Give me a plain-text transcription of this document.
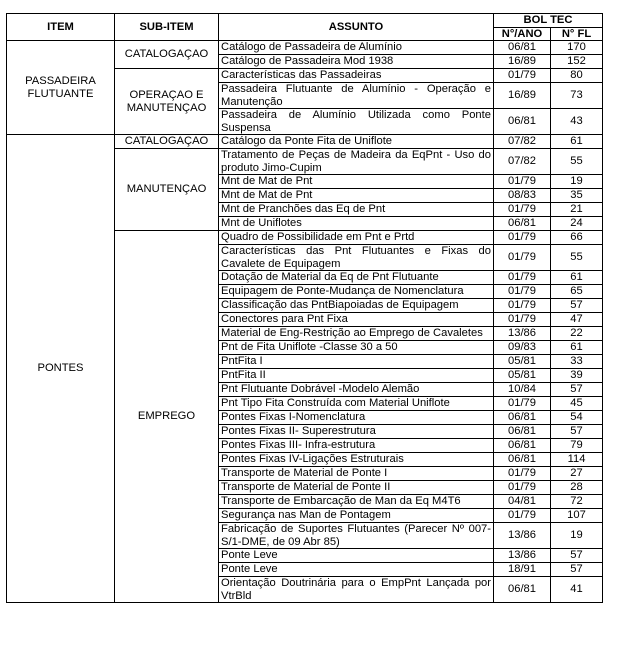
ITEM	SUB-ITEM	ASSUNTO	BOL TEC	
			N°/ANO	N° FL
PASSADEIRA FLUTUANTE	CATALOGAÇAO	Catálogo de Passadeira de Alumínio	06/81	170
		Catálogo de Passadeira Mod 1938	16/89	152
	OPERAÇAO E MANUTENÇAO	Características das Passadeiras	01/79	80
		Passadeira Flutuante de Alumínio - Operação e Manutenção	16/89	73
		Passadeira de Alumínio Utilizada como Ponte Suspensa	06/81	43
PONTES	CATALOGAÇAO	Catálogo da Ponte Fita de Uniflote	07/82	61
	MANUTENÇAO	Tratamento de Peças de Madeira da EqPnt - Uso do produto Jimo-Cupim	07/82	55
		Mnt de Mat de Pnt	01/79	19
		Mnt de Mat de Pnt	08/83	35
		Mnt de Pranchões das Eq de Pnt	01/79	21
		Mnt de Uniflotes	06/81	24
	EMPREGO	Quadro de Possibilidade em Pnt e Prtd	01/79	66
		Características das Pnt Flutuantes e Fixas do Cavalete de Equipagem	01/79	55
		Dotação de Material da Eq de Pnt Flutuante	01/79	61
		Equipagem de Ponte-Mudança de Nomenclatura	01/79	65
		Classificação das PntBiapoiadas de Equipagem	01/79	57
		Conectores para Pnt Fixa	01/79	47
		Material de Eng-Restrição ao Emprego de Cavaletes	13/86	22
		Pnt de Fita Uniflote -Classe 30 a 50	09/83	61
		PntFita I	05/81	33
		PntFita II	05/81	39
		Pnt Flutuante Dobrável -Modelo Alemão	10/84	57
		Pnt Tipo Fita Construída com Material Uniflote	01/79	45
		Pontes Fixas I-Nomenclatura	06/81	54
		Pontes Fixas II- Superestrutura	06/81	57
		Pontes Fixas III- Infra-estrutura	06/81	79
		Pontes Fixas IV-Ligações Estruturais	06/81	114
		Transporte de Material de Ponte I	01/79	27
		Transporte de Material de Ponte II	01/79	28
		Transporte de Embarcação de Man da Eq M4T6	04/81	72
		Segurança nas Man de Pontagem	01/79	107
		Fabricação de Suportes Flutuantes (Parecer Nº 007-S/1-DME, de 09 Abr 85)	13/86	19
		Ponte Leve	13/86	57
		Ponte Leve	18/91	57
		Orientação Doutrinária para o EmpPnt Lançada por VtrBld	06/81	41
